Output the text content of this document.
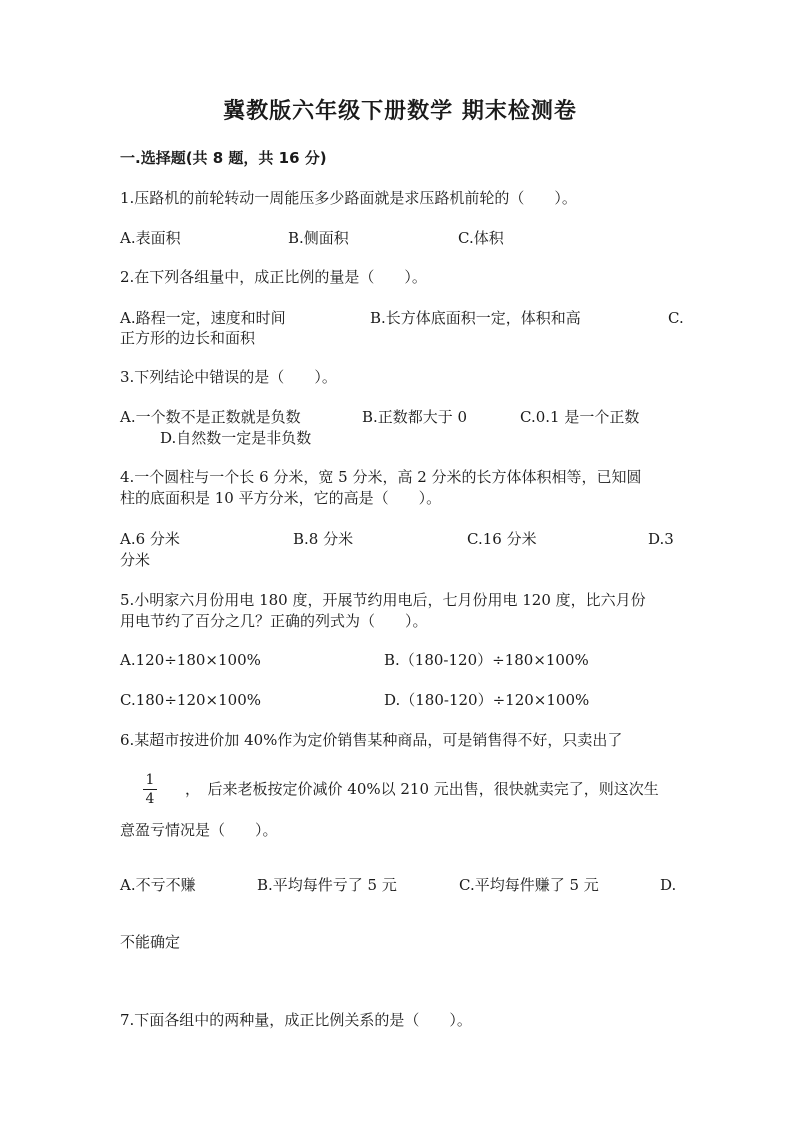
冀教版六年级下册数学 期末检测卷
一.选择题(共 8 题，共 16 分)
1.压路机的前轮转动一周能压多少路面就是求压路机前轮的（　　）。
A.表面积	B.侧面积	C.体积
2.在下列各组量中，成正比例的量是（　　）。
A.路程一定，速度和时间	B.长方体底面积一定，体积和高	C.
正方形的边长和面积
3.下列结论中错误的是（　　）。
A.一个数不是正数就是负数	B.正数都大于 0	C.0.1 是一个正数
D.自然数一定是非负数
4.一个圆柱与一个长 6 分米，宽 5 分米，高 2 分米的长方体体积相等，已知圆
柱的底面积是 10 平方分米，它的高是（　　）。
A.6 分米	B.8 分米	C.16 分米	D.3
分米
5.小明家六月份用电 180 度，开展节约用电后，七月份用电 120 度，比六月份
用电节约了百分之几？正确的列式为（　　）。
A.120÷180×100%	B.（180-120）÷180×100%
C.180÷120×100%	D.（180-120）÷120×100%
6.某超市按进价加 40%作为定价销售某种商品，可是销售得不好，只卖出了
1
4
，　后来老板按定价减价 40%以 210 元出售，很快就卖完了，则这次生
意盈亏情况是（　　）。
A.不亏不赚	B.平均每件亏了 5 元	C.平均每件赚了 5 元	D.
不能确定
7.下面各组中的两种量，成正比例关系的是（　　）。
